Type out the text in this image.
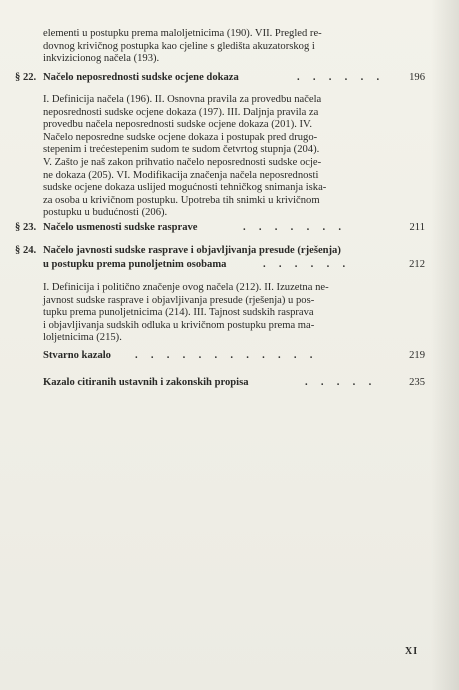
elementi u postupku prema maloljetnicima (190). VII. Pregled re-
dovnog krivičnog postupka kao cjeline s gledišta akuzatorskog i
inkvizicionog načela (193).
§ 22. Načelo neposrednosti sudske ocjene dokaza	.     .     .     .     .     .	196
I. Definicija načela (196). II. Osnovna pravila za provedbu načela
neposrednosti sudske ocjene dokaza (197). III. Daljnja pravila za
provedbu načela neposrednosti sudske ocjene dokaza (201). IV.
Načelo neposredne sudske ocjene dokaza i postupak pred drugo-
stepenim i trećestepenim sudom te sudom četvrtog stupnja (204).
V. Zašto je naš zakon prihvatio načelo neposrednosti sudske ocje-
ne dokaza (205). VI. Modifikacija značenja načela neposrednosti
sudske ocjene dokaza uslijed mogućnosti tehničkog snimanja iska-
za osoba u krivičnom postupku. Upotreba tih snimki u krivičnom
postupku u budućnosti (206).
§ 23. Načelo usmenosti sudske rasprave	.     .     .     .     .     .     .	211
§ 24. Načelo javnosti sudske rasprave i objavljivanja presude (rješenja)
u postupku prema punoljetnim osobama	.     .     .     .     .     .	212
I. Definicija i politično značenje ovog načela (212). II. Izuzetna ne-
javnost sudske rasprave i objavljivanja presude (rješenja) u pos-
tupku prema punoljetnicima (214). III. Tajnost sudskih rasprava
i objavljivanja sudskih odluka u krivičnom postupku prema ma-
loljetnicima (215).
Stvarno kazalo .     .     .     .     .     .     .     .     .     .     .     .	219
Kazalo citiranih ustavnih i zakonskih propisa	.     .     .     .     .	235
XI
